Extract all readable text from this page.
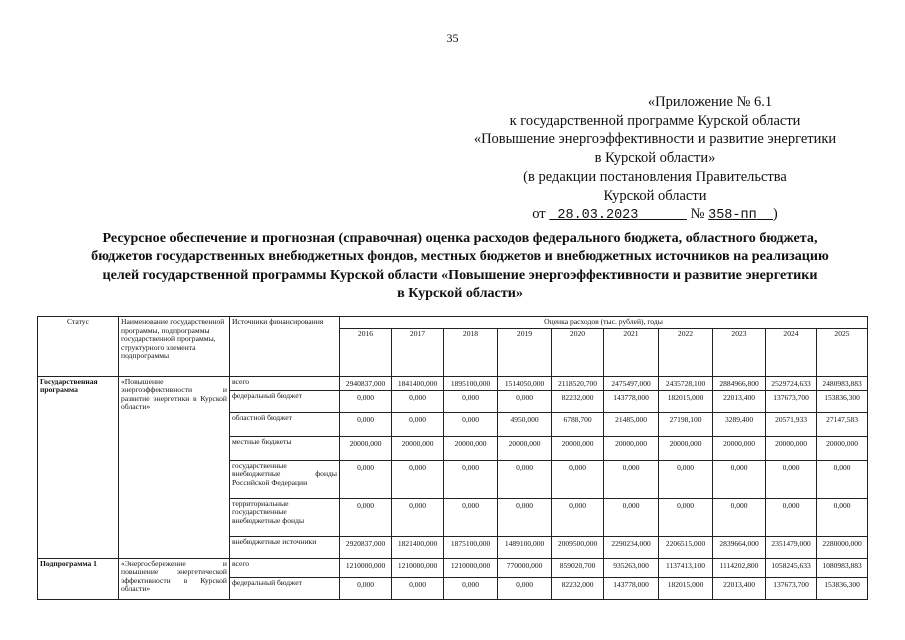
35
«Приложение № 6.1
к государственной программе Курской области
«Повышение энергоэффективности и развитие энергетики
в Курской области»
(в редакции постановления Правительства
Курской области
от 28.03.2023	№ 358-пп )
Ресурсное обеспечение и прогнозная (справочная) оценка расходов федерального бюджета, областного бюджета,
бюджетов государственных внебюджетных фондов, местных бюджетов и внебюджетных источников на реализацию
целей государственной программы Курской области «Повышение энергоэффективности и развитие энергетики
в Курской области»
Статус	Наименование государственной программы, подпрограммы государственной программы, структурного элемента подпрограммы	Источники финансирования	Оценка расходов (тыс. рублей), годы									
			2016	2017	2018	2019	2020	2021	2022	2023	2024	2025
Государственная программа	«Повышение энергоэффективности и развитие энергетики в Курской области»	всего	2940837,000	1841400,000	1895100,000	1514050,000	2118520,700	2475497,000	2435728,100	2884966,800	2529724,633	2480983,883
		федеральный бюджет	0,000	0,000	0,000	0,000	82232,000	143778,000	182015,000	22013,400	137673,700	153836,300
		областной бюджет	0,000	0,000	0,000	4950,000	6788,700	21485,000	27198,100	3289,400	20571,933	27147,583
		местные бюджеты	20000,000	20000,000	20000,000	20000,000	20000,000	20000,000	20000,000	20000,000	20000,000	20000,000
		государственные внебюджетные фонды Российской Федерации	0,000	0,000	0,000	0,000	0,000	0,000	0,000	0,000	0,000	0,000
		территориальные государственные внебюджетные фонды	0,000	0,000	0,000	0,000	0,000	0,000	0,000	0,000	0,000	0,000
		внебюджетные источники	2920837,000	1821400,000	1875100,000	1489100,000	2009500,000	2290234,000	2206515,000	2839664,000	2351479,000	2280000,000
Подпрограмма 1	«Энергосбережение и повышение энергетической эффективности в Курской области»	всего	1210000,000	1210000,000	1210000,000	770000,000	859020,700	935263,000	1137413,100	1114202,800	1058245,633	1080983,883
		федеральный бюджет	0,000	0,000	0,000	0,000	82232,000	143778,000	182015,000	22013,400	137673,700	153836,300
